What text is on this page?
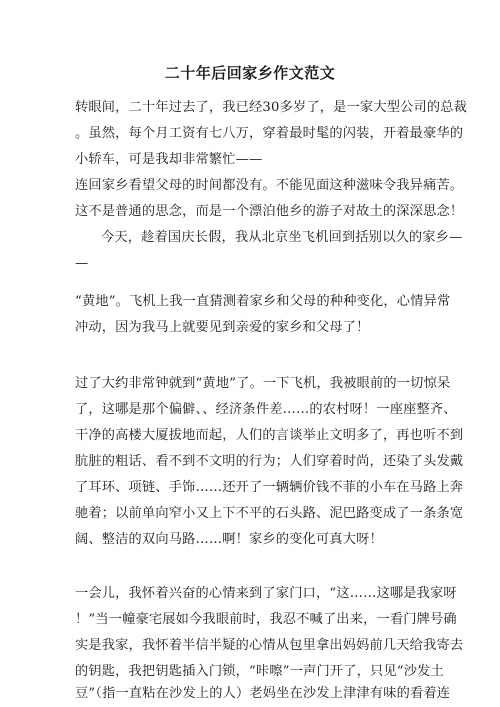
二十年后回家乡作文范文
转眼间，二十年过去了，我已经30多岁了，是一家大型公司的总裁
。虽然，每个月工资有七八万，穿着最时髦的闪装，开着最豪华的
小轿车，可是我却非常繁忙——
连回家乡看望父母的时间都没有。不能见面这种滋味令我异痛苦。
这不是普通的思念，而是一个漂泊他乡的游子对故土的深深思念！
今天，趁着国庆长假，我从北京坐飞机回到括别以久的家乡—
—
“黄地”。飞机上我一直猜测着家乡和父母的种种变化，心情异常
冲动，因为我马上就要见到亲爱的家乡和父母了！
过了大约非常钟就到“黄地”了。一下飞机，我被眼前的一切惊呆
了，这哪是那个偏僻、、经济条件差……的农村呀！一座座整齐、
干净的高楼大厦拔地而起，人们的言谈举止文明多了，再也听不到
肮脏的粗话、看不到不文明的行为；人们穿着时尚，还染了头发戴
了耳环、项链、手饰……还开了一辆辆价钱不菲的小车在马路上奔
驰着；以前单向窄小又上下不平的石头路、泥巴路变成了一条条宽
阔、整洁的双向马路……啊！家乡的变化可真大呀！
一会儿，我怀着兴奋的心情来到了家门口，“这……这哪是我家呀
！”当一幢豪宅展如今我眼前时，我忍不喊了出来，一看门牌号确
实是我家，我怀着半信半疑的心情从包里拿出妈妈前几天给我寄去
的钥匙，我把钥匙插入门锁，“咔嚓”一声门开了，只见“沙发土
豆”（指一直粘在沙发上的人）老妈坐在沙发上津津有味的看着连
